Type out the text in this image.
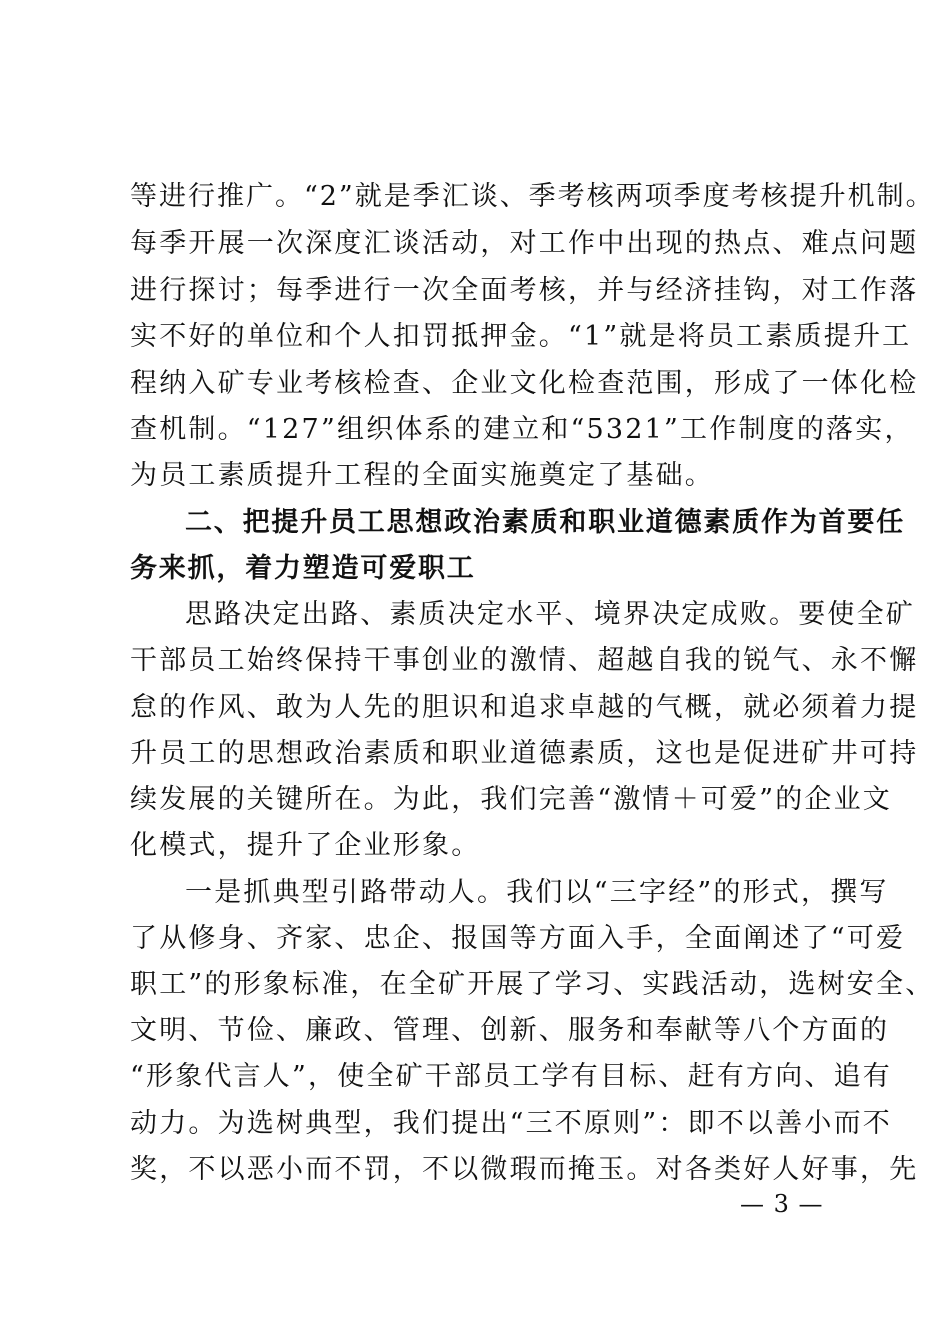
等进行推广。“2”就是季汇谈、季考核两项季度考核提升机制。
每季开展一次深度汇谈活动，对工作中出现的热点、难点问题
进行探讨；每季进行一次全面考核，并与经济挂钩，对工作落
实不好的单位和个人扣罚抵押金。“1”就是将员工素质提升工
程纳入矿专业考核检查、企业文化检查范围，形成了一体化检
查机制。“127”组织体系的建立和“5321”工作制度的落实，
为员工素质提升工程的全面实施奠定了基础。
二、把提升员工思想政治素质和职业道德素质作为首要任
务来抓，着力塑造可爱职工
思路决定出路、素质决定水平、境界决定成败。要使全矿
干部员工始终保持干事创业的激情、超越自我的锐气、永不懈
怠的作风、敢为人先的胆识和追求卓越的气概，就必须着力提
升员工的思想政治素质和职业道德素质，这也是促进矿井可持
续发展的关键所在。为此，我们完善“激情＋可爱”的企业文
化模式，提升了企业形象。
一是抓典型引路带动人。我们以“三字经”的形式，撰写
了从修身、齐家、忠企、报国等方面入手，全面阐述了“可爱
职工”的形象标准，在全矿开展了学习、实践活动，选树安全、
文明、节俭、廉政、管理、创新、服务和奉献等八个方面的
“形象代言人”，使全矿干部员工学有目标、赶有方向、追有
动力。为选树典型，我们提出“三不原则”：即不以善小而不
奖，不以恶小而不罚，不以微瑕而掩玉。对各类好人好事，先
— 3 —
